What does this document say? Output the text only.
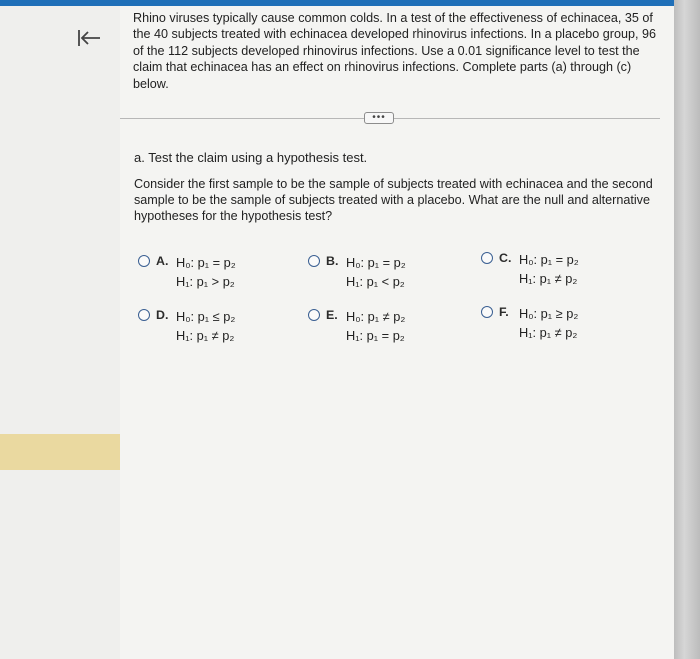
Rhino viruses typically cause common colds. In a test of the effectiveness of echinacea, 35 of the 40 subjects treated with echinacea developed rhinovirus infections. In a placebo group, 96 of the 112 subjects developed rhinovirus infections. Use a 0.01 significance level to test the claim that echinacea has an effect on rhinovirus infections. Complete parts (a) through (c) below.
•••
a. Test the claim using a hypothesis test.
Consider the first sample to be the sample of subjects treated with echinacea and the second sample to be the sample of subjects treated with a placebo. What are the null and alternative hypotheses for the hypothesis test?
A. H₀: p₁ = p₂
H₁: p₁ > p₂
B. H₀: p₁ = p₂
H₁: p₁ < p₂
C. H₀: p₁ = p₂
H₁: p₁ ≠ p₂
D. H₀: p₁ ≤ p₂
H₁: p₁ ≠ p₂
E. H₀: p₁ ≠ p₂
H₁: p₁ = p₂
F. H₀: p₁ ≥ p₂
H₁: p₁ ≠ p₂
